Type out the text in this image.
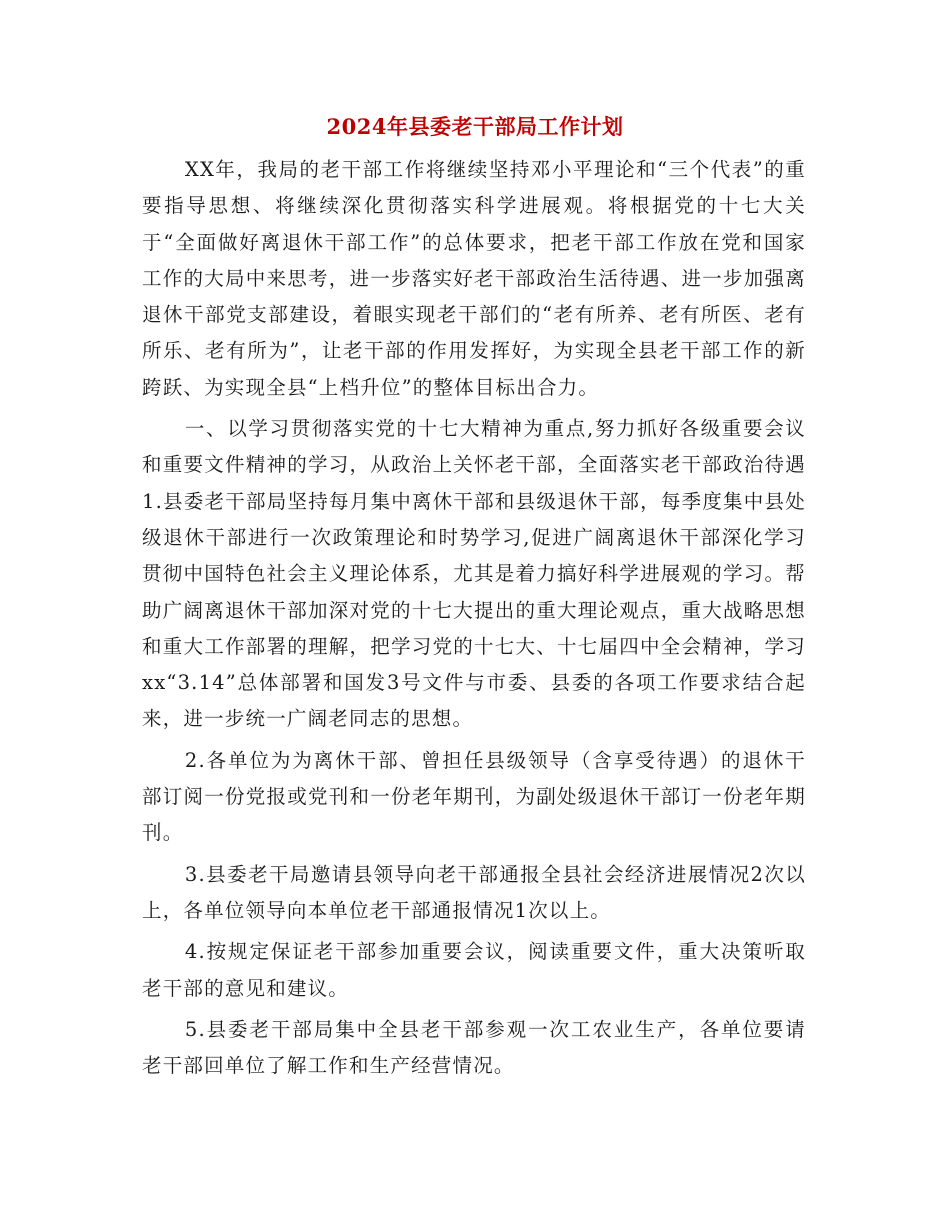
2024年县委老干部局工作计划

XX年，我局的老干部工作将继续坚持邓小平理论和“三个代表”的重要指导思想、将继续深化贯彻落实科学进展观。将根据党的十七大关于“全面做好离退休干部工作”的总体要求，把老干部工作放在党和国家工作的大局中来思考，进一步落实好老干部政治生活待遇、进一步加强离退休干部党支部建设，着眼实现老干部们的“老有所养、老有所医、老有所乐、老有所为”，让老干部的作用发挥好，为实现全县老干部工作的新跨跃、为实现全县“上档升位”的整体目标出合力。

一、以学习贯彻落实党的十七大精神为重点,努力抓好各级重要会议和重要文件精神的学习，从政治上关怀老干部，全面落实老干部政治待遇 1.县委老干部局坚持每月集中离休干部和县级退休干部，每季度集中县处级退休干部进行一次政策理论和时势学习,促进广阔离退休干部深化学习贯彻中国特色社会主义理论体系，尤其是着力搞好科学进展观的学习。帮助广阔离退休干部加深对党的十七大提出的重大理论观点，重大战略思想和重大工作部署的理解，把学习党的十七大、十七届四中全会精神，学习xx“3.14”总体部署和国发3号文件与市委、县委的各项工作要求结合起来，进一步统一广阔老同志的思想。

2.各单位为为离休干部、曾担任县级领导（含享受待遇）的退休干部订阅一份党报或党刊和一份老年期刊，为副处级退休干部订一份老年期刊。

3.县委老干局邀请县领导向老干部通报全县社会经济进展情况2次以上，各单位领导向本单位老干部通报情况1次以上。

4.按规定保证老干部参加重要会议，阅读重要文件，重大决策听取老干部的意见和建议。

5.县委老干部局集中全县老干部参观一次工农业生产，各单位要请老干部回单位了解工作和生产经营情况。
